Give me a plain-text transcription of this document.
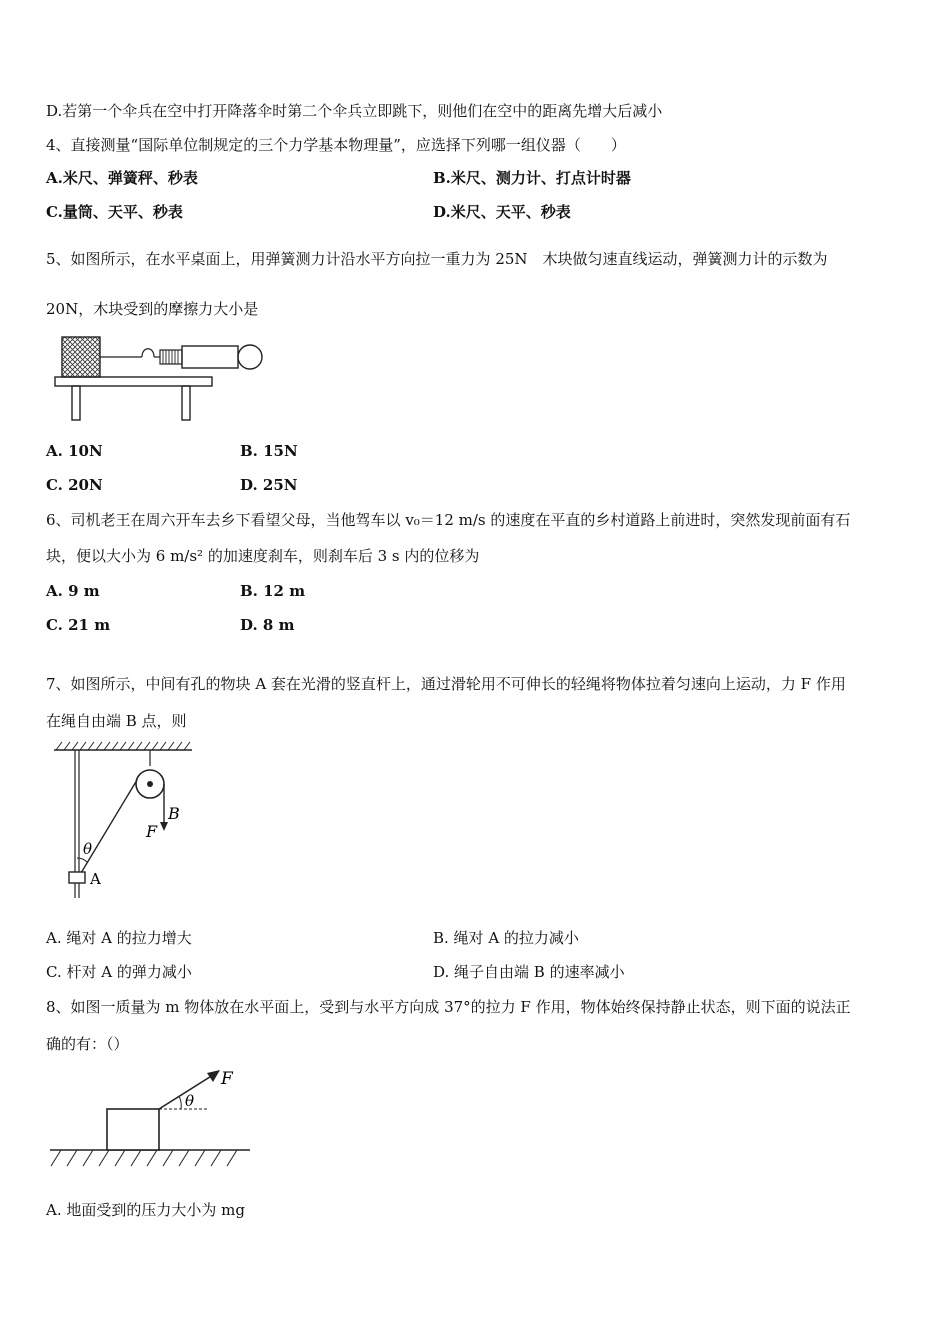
D.若第一个伞兵在空中打开降落伞时第二个伞兵立即跳下，则他们在空中的距离先增大后减小
4、直接测量“国际单位制规定的三个力学基本物理量”，应选择下列哪一组仪器（　　）
A.米尺、弹簧秤、秒表	B.米尺、测力计、打点计时器
C.量筒、天平、秒表	D.米尺、天平、秒表
5、如图所示，在水平桌面上，用弹簧测力计沿水平方向拉一重力为 25N　木块做匀速直线运动，弹簧测力计的示数为
20N，木块受到的摩擦力大小是
A. 10N	B. 15N
C. 20N	D. 25N
6、司机老王在周六开车去乡下看望父母，当他驾车以 v₀＝12 m/s 的速度在平直的乡村道路上前进时，突然发现前面有石
块，便以大小为 6 m/s² 的加速度刹车，则刹车后 3 s 内的位移为
A. 9 m	B. 12 m
C. 21 m	D. 8 m
7、如图所示，中间有孔的物块 A 套在光滑的竖直杆上，通过滑轮用不可伸长的轻绳将物体拉着匀速向上运动，力 F 作用
在绳自由端 B 点，则
B
F
θ
A
A. 绳对 A 的拉力增大	B. 绳对 A 的拉力减小
C. 杆对 A 的弹力减小	D. 绳子自由端 B 的速率减小
8、如图一质量为 m 物体放在水平面上，受到与水平方向成 37°的拉力 F 作用，物体始终保持静止状态，则下面的说法正
确的有：（）
F
θ
A. 地面受到的压力大小为 mg
